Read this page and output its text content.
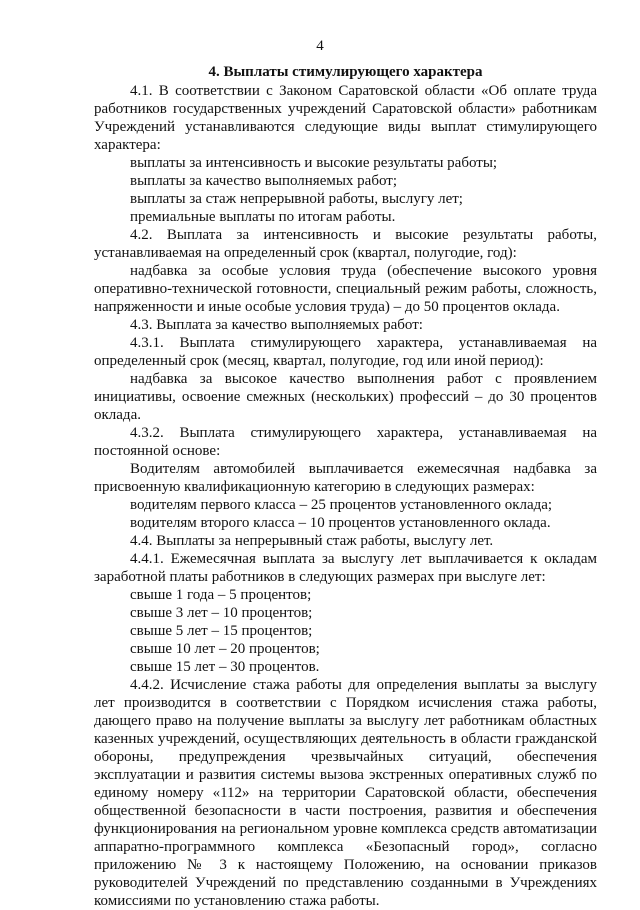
4
4. Выплаты стимулирующего характера

4.1. В соответствии с Законом Саратовской области «Об оплате труда работников государственных учреждений Саратовской области» работникам Учреждений устанавливаются следующие виды выплат стимулирующего характера:

выплаты за интенсивность и высокие результаты работы;

выплаты за качество выполняемых работ;

выплаты за стаж непрерывной работы, выслугу лет;

премиальные выплаты по итогам работы.

4.2. Выплата за интенсивность и высокие результаты работы, устанавливаемая на определенный срок (квартал, полугодие, год):

надбавка за особые условия труда (обеспечение высокого уровня оперативно-технической готовности, специальный режим работы, сложность, напряженности и иные особые условия труда) – до 50 процентов оклада.

4.3. Выплата за качество выполняемых работ:

4.3.1. Выплата стимулирующего характера, устанавливаемая на определенный срок (месяц, квартал, полугодие, год или иной период):

надбавка за высокое качество выполнения работ с проявлением инициативы, освоение смежных (нескольких) профессий – до 30 процентов оклада.

4.3.2. Выплата стимулирующего характера, устанавливаемая на постоянной основе:

Водителям автомобилей выплачивается ежемесячная надбавка за присвоенную квалификационную категорию в следующих размерах:

водителям первого класса – 25 процентов установленного оклада;

водителям второго класса – 10 процентов установленного оклада.

4.4. Выплаты за непрерывный стаж работы, выслугу лет.

4.4.1. Ежемесячная выплата за выслугу лет выплачивается к окладам заработной платы работников в следующих размерах при выслуге лет:

свыше 1 года – 5 процентов;

свыше 3 лет – 10 процентов;

свыше 5 лет – 15 процентов;

свыше 10 лет – 20 процентов;

свыше 15 лет – 30 процентов.

4.4.2. Исчисление стажа работы для определения выплаты за выслугу лет производится в соответствии с Порядком исчисления стажа работы, дающего право на получение выплаты за выслугу лет работникам областных казенных учреждений, осуществляющих деятельность в области гражданской обороны, предупреждения чрезвычайных ситуаций, обеспечения эксплуатации и развития системы вызова экстренных оперативных служб по единому номеру «112» на территории Саратовской области, обеспечения общественной безопасности в части построения, развития и обеспечения функционирования на региональном уровне комплекса средств автоматизации аппаратно-программного комплекса «Безопасный город», согласно приложению № 3 к настоящему Положению, на основании приказов руководителей Учреждений по представлению созданными в Учреждениях комиссиями по установлению стажа работы.
